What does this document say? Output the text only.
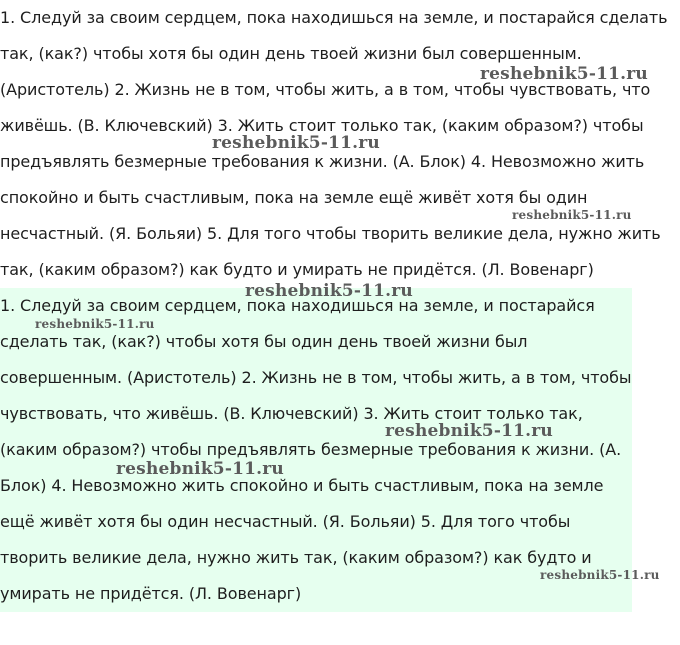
1. Следуй за своим сердцем, пока находишься на земле, и постарайся сделать
так, (как?) чтобы хотя бы один день твоей жизни был совершенным.
(Аристотель) 2. Жизнь не в том, чтобы жить, а в том, чтобы чувствовать, что
живёшь. (В. Ключевский) 3. Жить стоит только так, (каким образом?) чтобы
предъявлять безмерные требования к жизни. (А. Блок) 4. Невозможно жить
спокойно и быть счастливым, пока на земле ещё живёт хотя бы один
несчастный. (Я. Больяи) 5. Для того чтобы творить великие дела, нужно жить
так, (каким образом?) как будто и умирать не придётся. (Л. Вовенарг)
1. Следуй за своим сердцем, пока находишься на земле, и постарайся
сделать так, (как?) чтобы хотя бы один день твоей жизни был
совершенным. (Аристотель) 2. Жизнь не в том, чтобы жить, а в том, чтобы
чувствовать, что живёшь. (В. Ключевский) 3. Жить стоит только так,
(каким образом?) чтобы предъявлять безмерные требования к жизни. (А.
Блок) 4. Невозможно жить спокойно и быть счастливым, пока на земле
ещё живёт хотя бы один несчастный. (Я. Больяи) 5. Для того чтобы
творить великие дела, нужно жить так, (каким образом?) как будто и
умирать не придётся. (Л. Вовенарг)
reshebnik5-11.ru
reshebnik5-11.ru
reshebnik5-11.ru
reshebnik5-11.ru
reshebnik5-11.ru
reshebnik5-11.ru
reshebnik5-11.ru
reshebnik5-11.ru
